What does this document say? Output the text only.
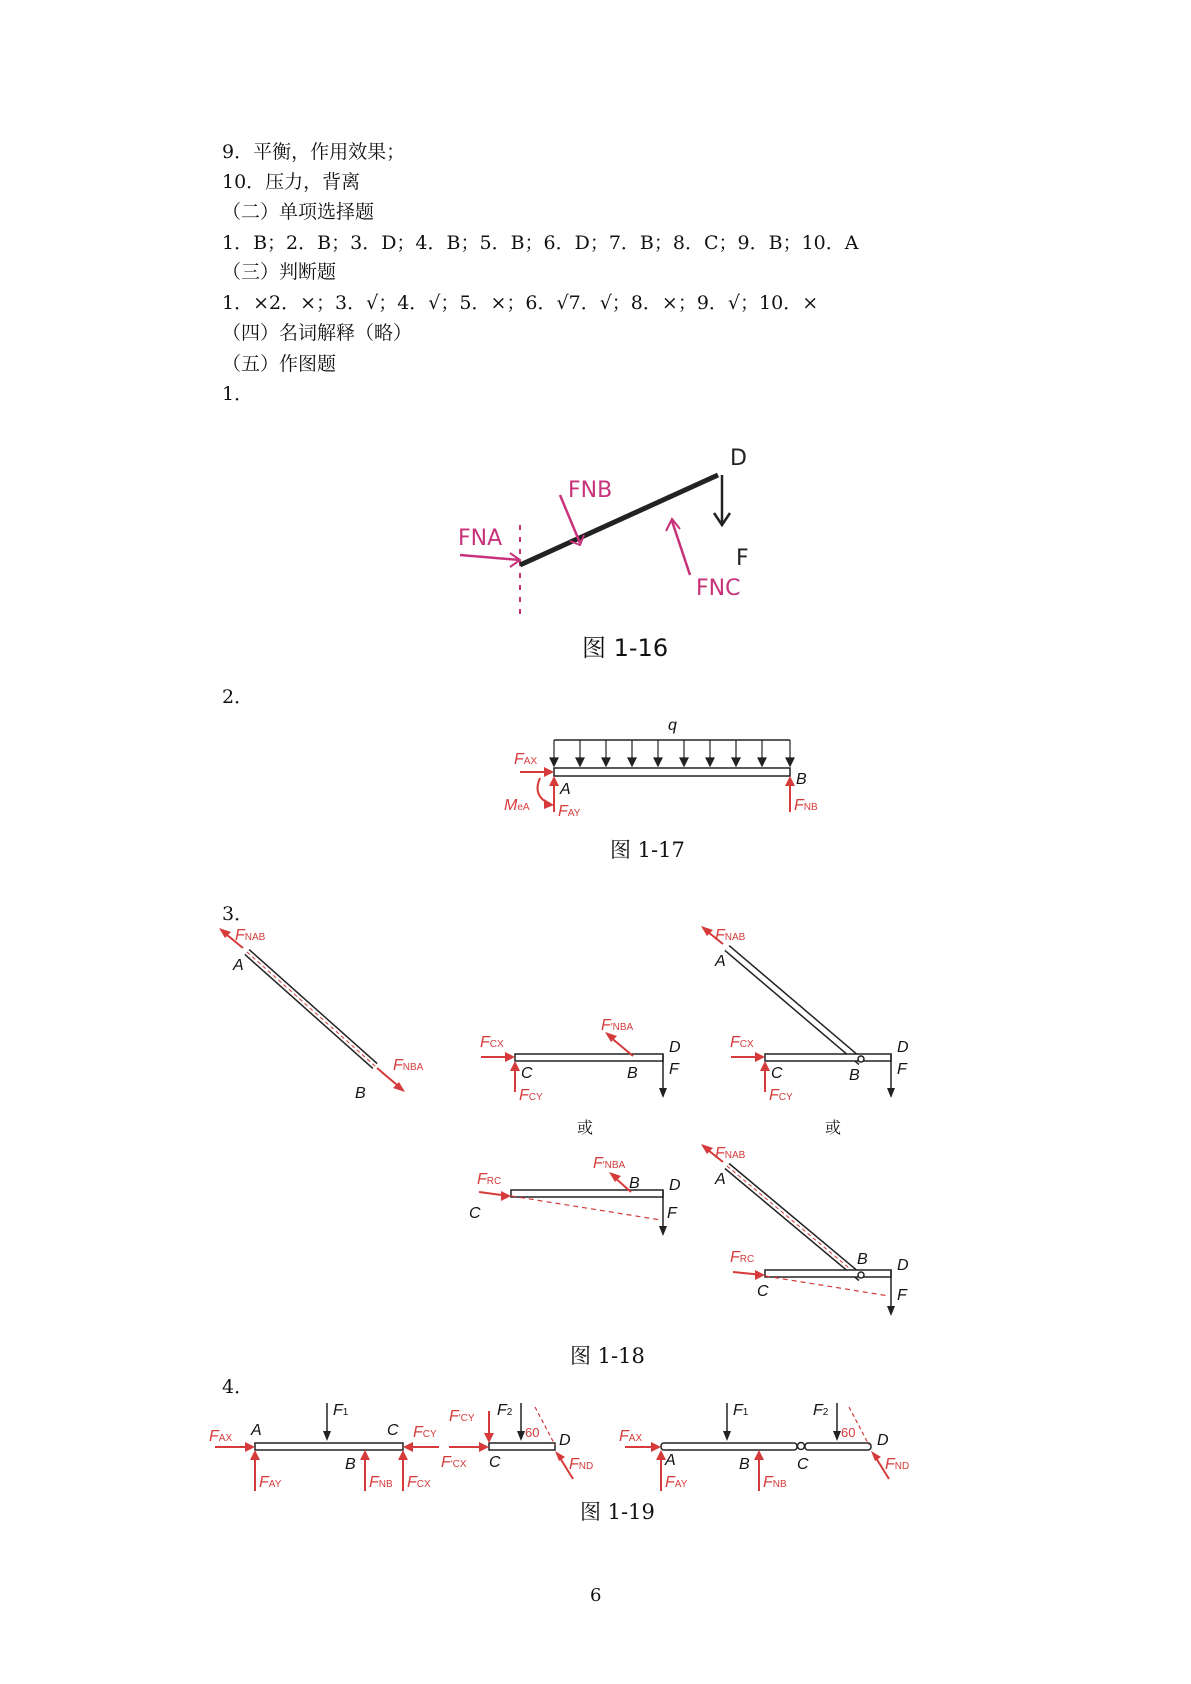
9．平衡，作用效果；
10．压力，背离
（二）单项选择题
1．B；2．B；3．D；4．B；5．B；6．D；7．B；8．C；9．B；10．A
（三）判断题
1．×2．×；3．√；4．√；5．×；6．√7．√；8．×；9．√；10．×
（四）名词解释（略）
（五）作图题
1．
D
FNB
FNA
F
FNC
图 1-16
2．
q
FAX
A
B
MeA FAY	FNB
图 1-17
3．
FNAB
A
FNBA
B
FCX
C
FCY
F′NBA
B
D
F
FNAB
A
FCX
C
FCY
B
D
F
或	或
FRC
C
F′NBA
B D
F
FNAB
A
FRC
C
B D
F
图 1-18
4．
FAX A
F1
C FCY
B
FAY	FNB FCX
F′CY F2
60 D
F′CX C	FND
FAX
F1	F2
60 D
A	B	C
FAY	FNB
FND
图 1-19
6
